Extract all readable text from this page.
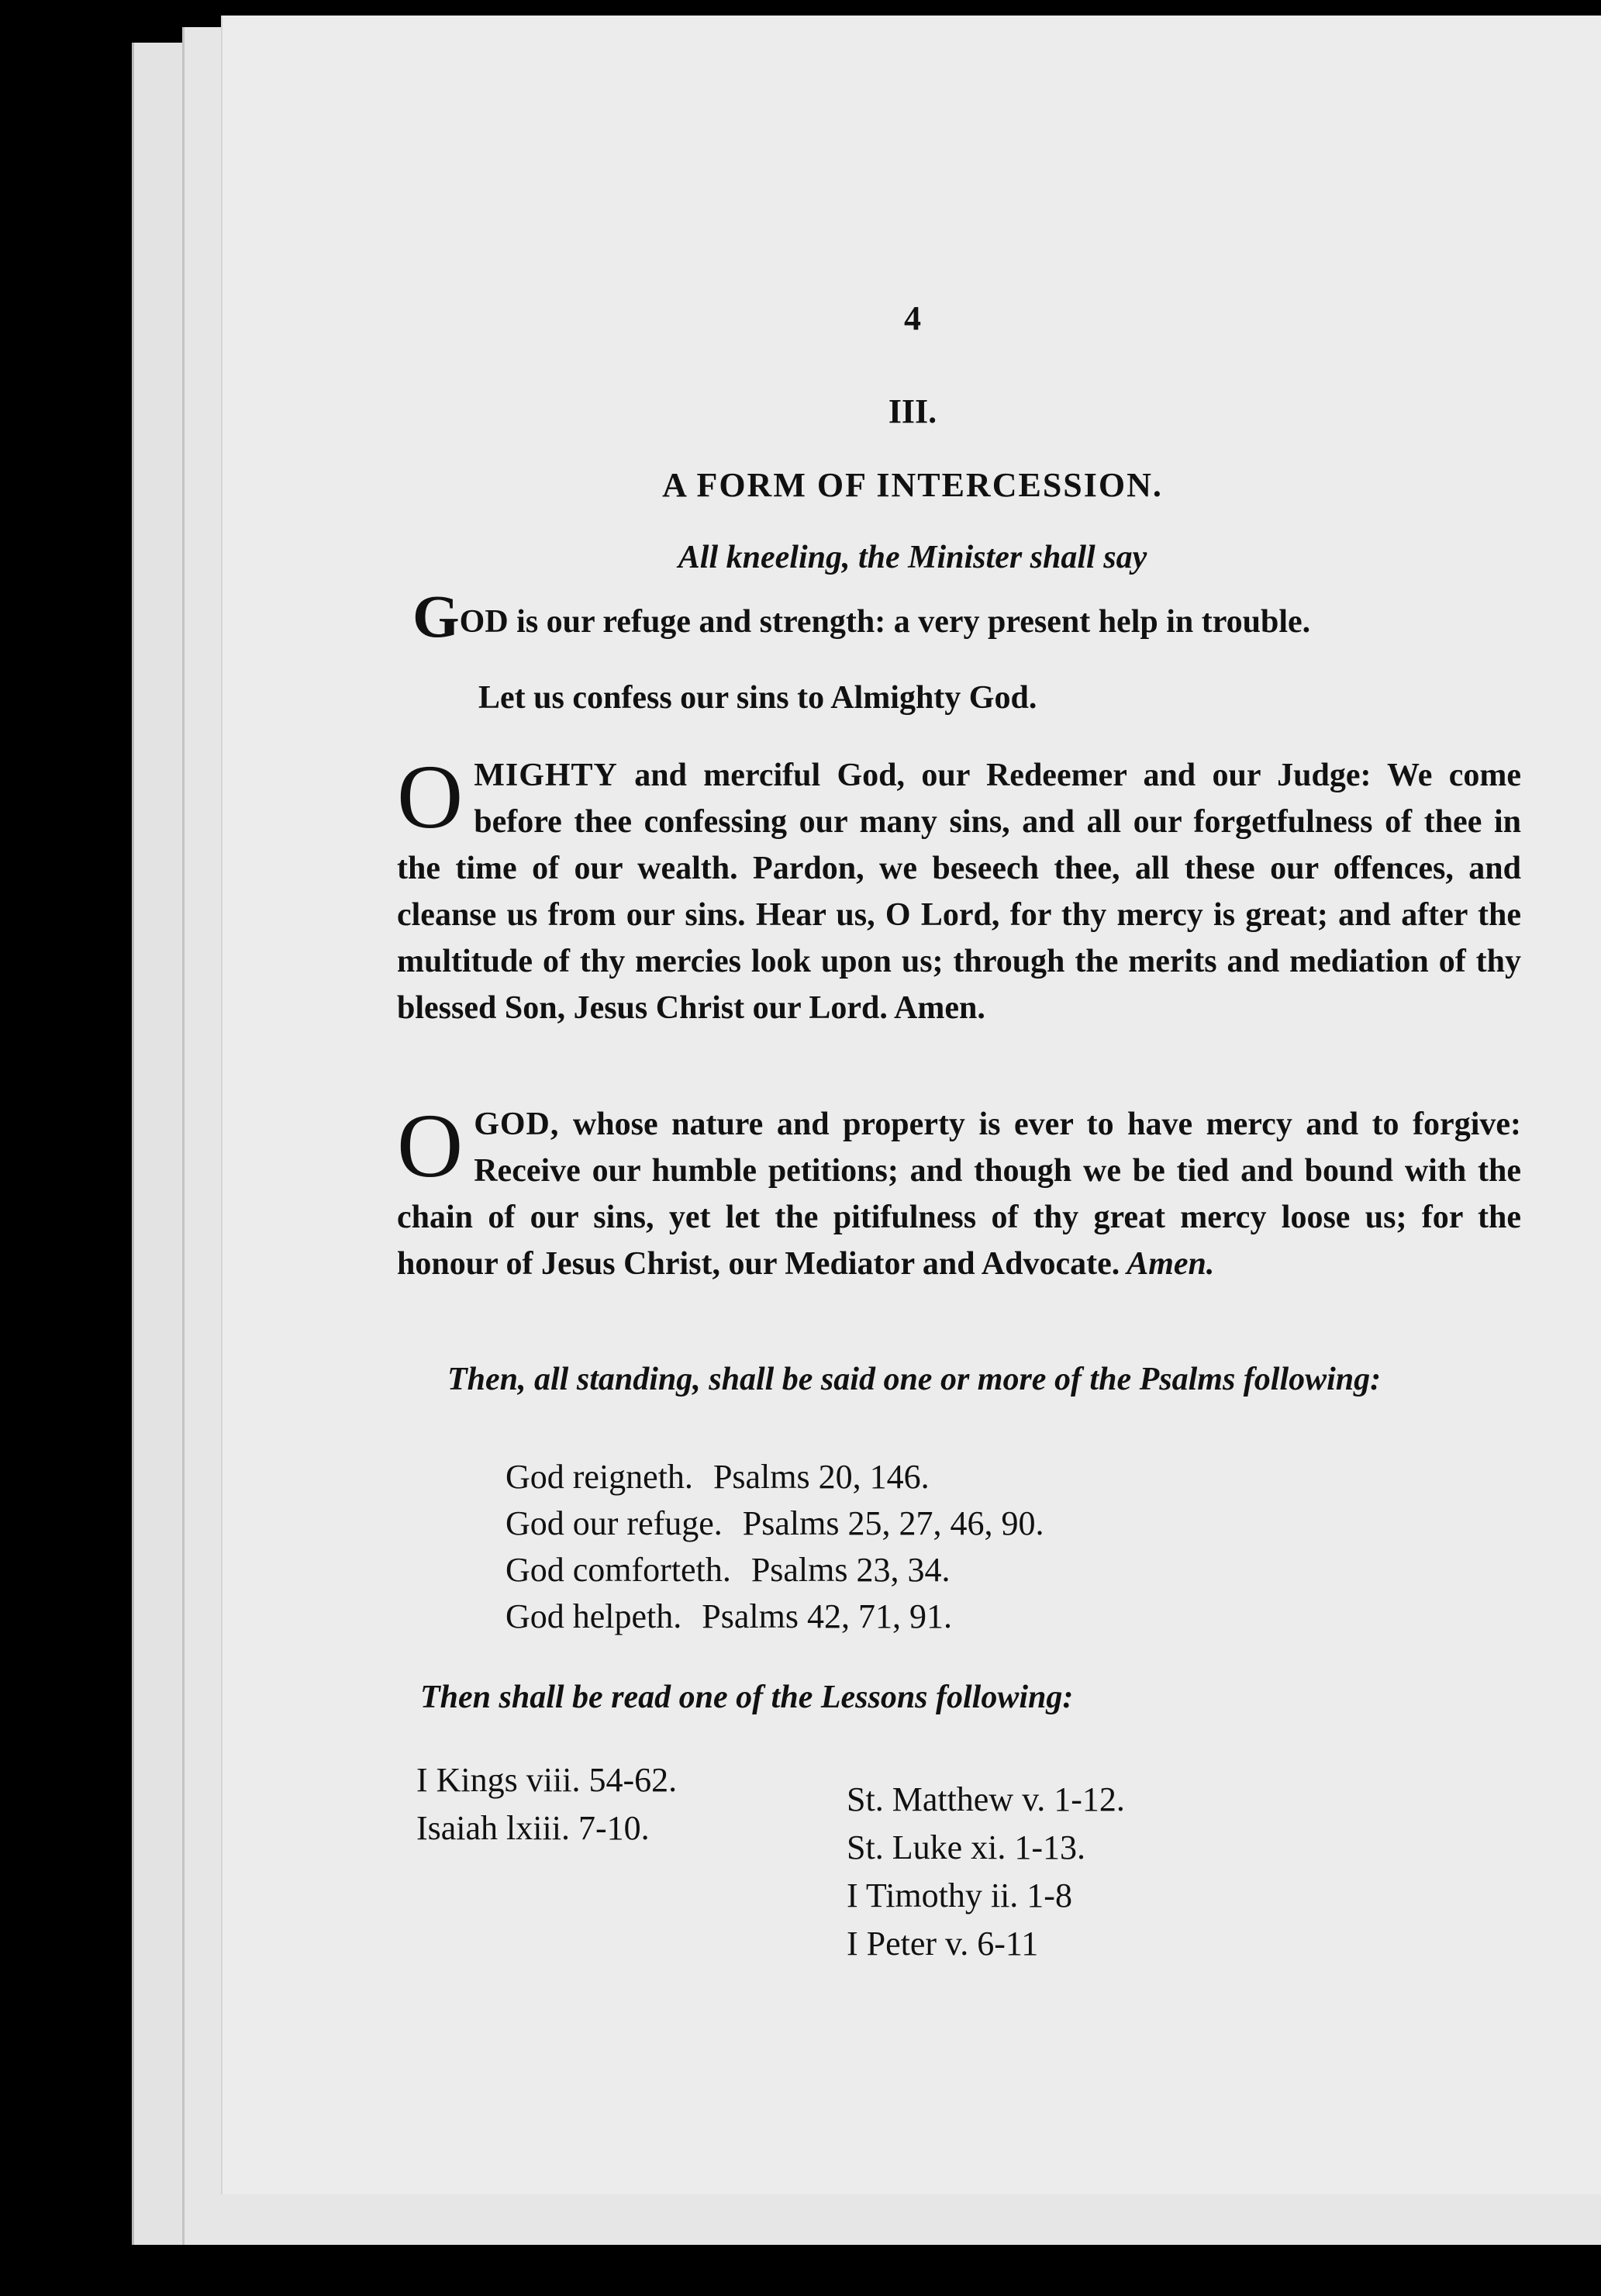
4
III.
A FORM OF INTERCESSION.
All kneeling, the Minister shall say
GOD is our refuge and strength: a very present help in trouble.
Let us confess our sins to Almighty God.
OMIGHTY and merciful God, our Redeemer and our Judge: We come before thee confessing our many sins, and all our forgetfulness of thee in the time of our wealth. Pardon, we beseech thee, all these our offences, and cleanse us from our sins. Hear us, O Lord, for thy mercy is great; and after the multitude of thy mercies look upon us; through the merits and mediation of thy blessed Son, Jesus Christ our Lord. Amen.
OGOD, whose nature and property is ever to have mercy and to forgive: Receive our humble petitions; and though we be tied and bound with the chain of our sins, yet let the pitifulness of thy great mercy loose us; for the honour of Jesus Christ, our Mediator and Advocate. Amen.
Then, all standing, shall be said one or more of the Psalms following:
God reigneth. Psalms 20, 146.
God our refuge. Psalms 25, 27, 46, 90.
God comforteth. Psalms 23, 34.
God helpeth. Psalms 42, 71, 91.
Then shall be read one of the Lessons following:
I Kings viii. 54-62.
Isaiah lxiii. 7-10.
St. Matthew v. 1-12.
St. Luke xi. 1-13.
I Timothy ii. 1-8
I Peter v. 6-11
